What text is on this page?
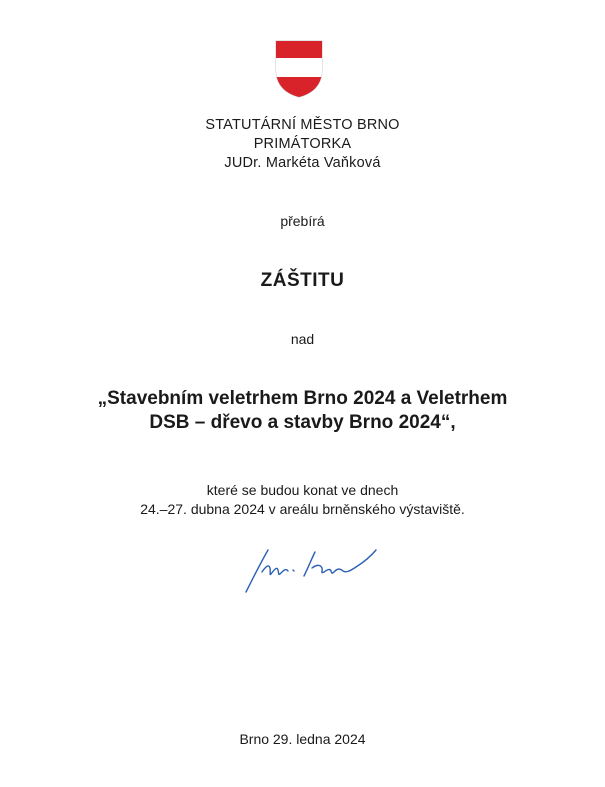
STATUTÁRNÍ MĚSTO BRNO
PRIMÁTORKA
JUDr. Markéta Vaňková
přebírá
ZÁŠTITU
nad
„Stavebním veletrhem Brno 2024 a Veletrhem
DSB – dřevo a stavby Brno 2024“,
které se budou konat ve dnech
24.–27. dubna 2024 v areálu brněnského výstaviště.
Brno 29. ledna 2024
